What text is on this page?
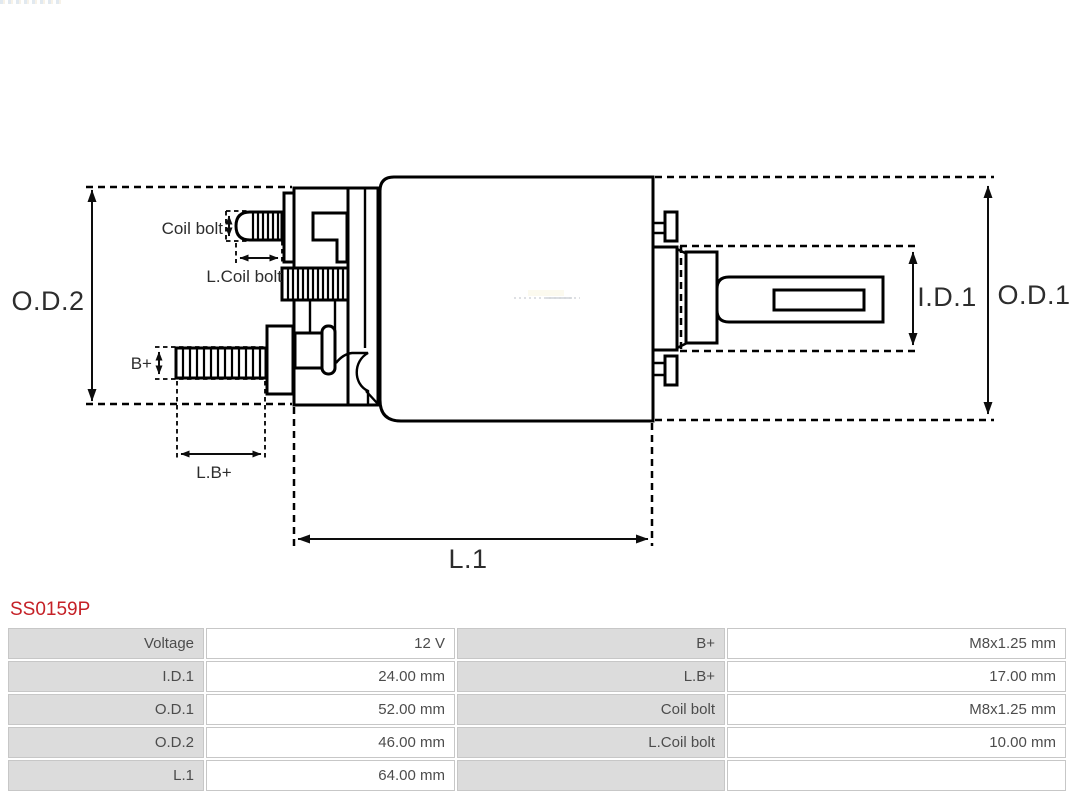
O.D.2	O.D.1
I.D.1
L.1
Coil bolt
L.Coil bolt
B+
L.B+
SS0159P
Voltage	12 V	B+	M8x1.25 mm
I.D.1	24.00 mm	L.B+	17.00 mm
O.D.1	52.00 mm	Coil bolt	M8x1.25 mm
O.D.2	46.00 mm	L.Coil bolt	10.00 mm
L.1	64.00 mm
